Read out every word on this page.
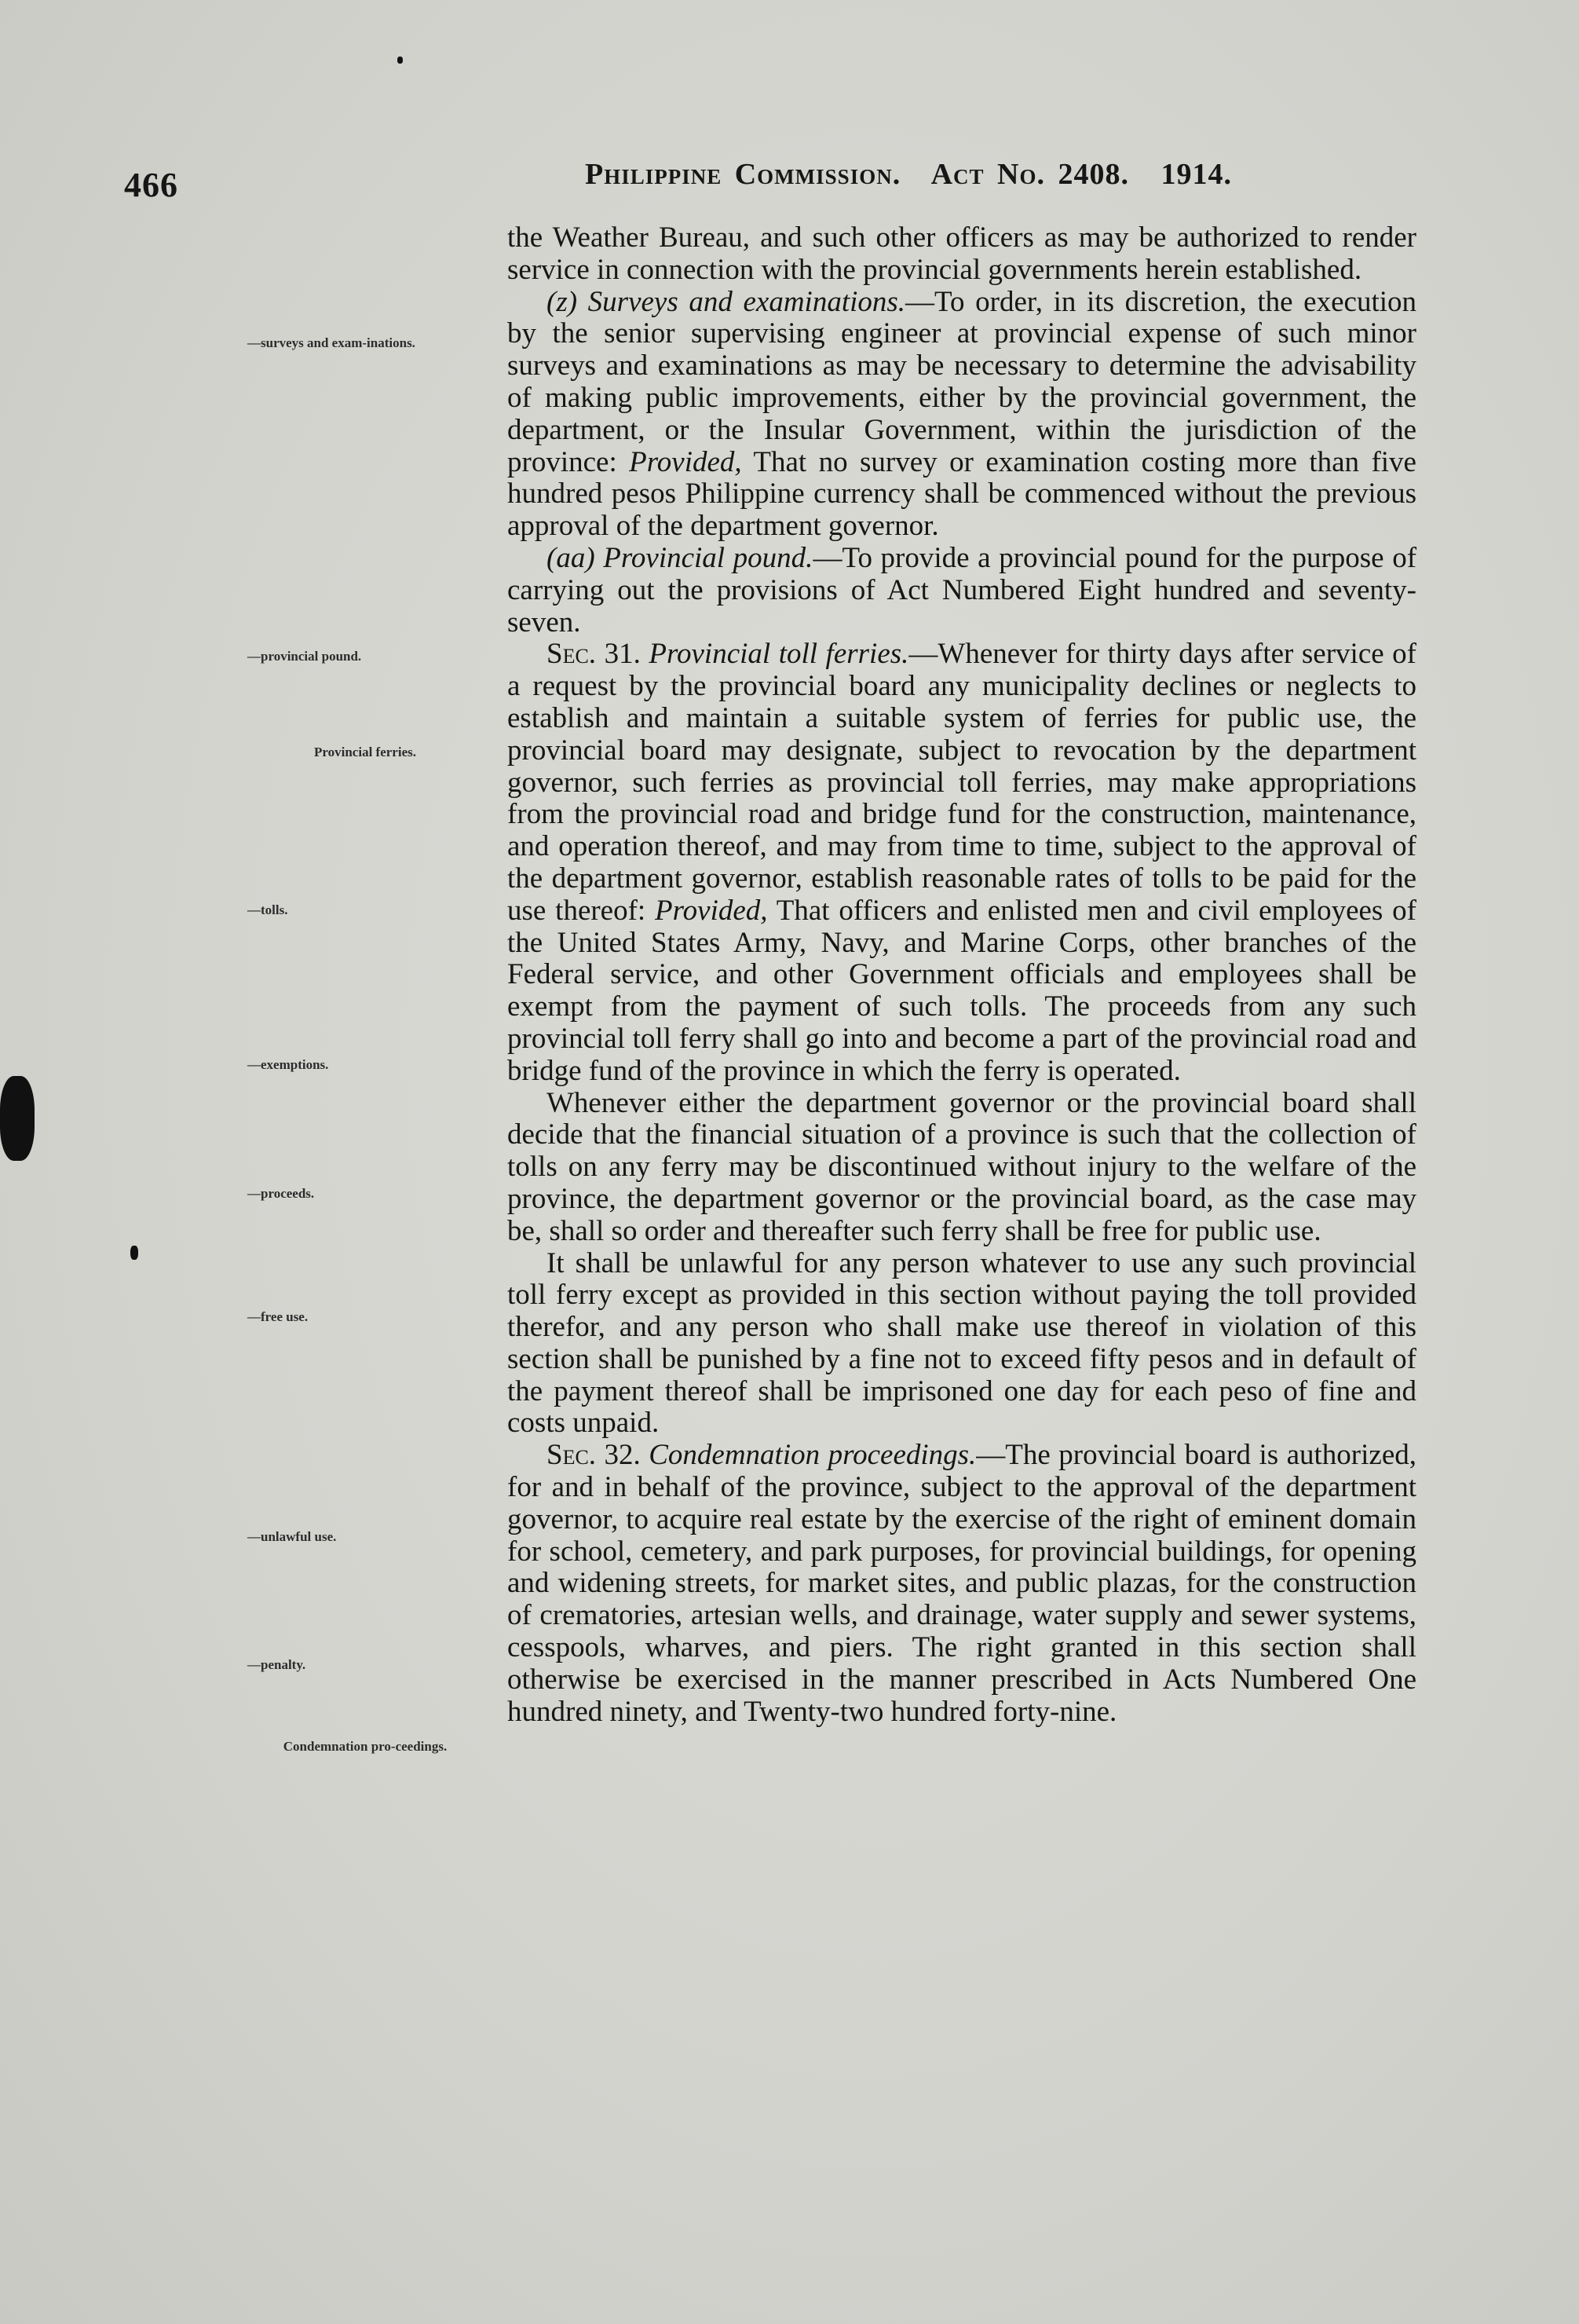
466	Philippine Commission. Act No. 2408. 1914.
—surveys and exam-inations.
—provincial pound.
Provincial ferries.
—tolls.
—exemptions.
—proceeds.
—free use.
—unlawful use.
—penalty.
Condemnation pro-ceedings.

the Weather Bureau, and such other officers as may be authorized to render service in connection with the provincial governments herein established.

(z) Surveys and examinations.—To order, in its discretion, the execution by the senior supervising engineer at provincial expense of such minor surveys and examinations as may be necessary to determine the advisability of making public improvements, either by the provincial government, the department, or the Insular Government, within the jurisdiction of the province: Provided, That no survey or examination costing more than five hundred pesos Philippine currency shall be commenced without the previous approval of the department governor.

(aa) Provincial pound.—To provide a provincial pound for the purpose of carrying out the provisions of Act Numbered Eight hundred and seventy-seven.

Sec. 31. Provincial toll ferries.—Whenever for thirty days after service of a request by the provincial board any municipality declines or neglects to establish and maintain a suitable system of ferries for public use, the provincial board may designate, subject to revocation by the department governor, such ferries as provincial toll ferries, may make appropriations from the provincial road and bridge fund for the construction, maintenance, and operation thereof, and may from time to time, subject to the approval of the department governor, establish reasonable rates of tolls to be paid for the use thereof: Provided, That officers and enlisted men and civil employees of the United States Army, Navy, and Marine Corps, other branches of the Federal service, and other Government officials and employees shall be exempt from the payment of such tolls. The proceeds from any such provincial toll ferry shall go into and become a part of the provincial road and bridge fund of the province in which the ferry is operated.

Whenever either the department governor or the provincial board shall decide that the financial situation of a province is such that the collection of tolls on any ferry may be discontinued without injury to the welfare of the province, the department governor or the provincial board, as the case may be, shall so order and thereafter such ferry shall be free for public use.

It shall be unlawful for any person whatever to use any such provincial toll ferry except as provided in this section without paying the toll provided therefor, and any person who shall make use thereof in violation of this section shall be punished by a fine not to exceed fifty pesos and in default of the payment thereof shall be imprisoned one day for each peso of fine and costs unpaid.

Sec. 32. Condemnation proceedings.—The provincial board is authorized, for and in behalf of the province, subject to the approval of the department governor, to acquire real estate by the exercise of the right of eminent domain for school, cemetery, and park purposes, for provincial buildings, for opening and widening streets, for market sites, and public plazas, for the construction of crematories, artesian wells, and drainage, water supply and sewer systems, cesspools, wharves, and piers. The right granted in this section shall otherwise be exercised in the manner prescribed in Acts Numbered One hundred ninety, and Twenty-two hundred forty-nine.
